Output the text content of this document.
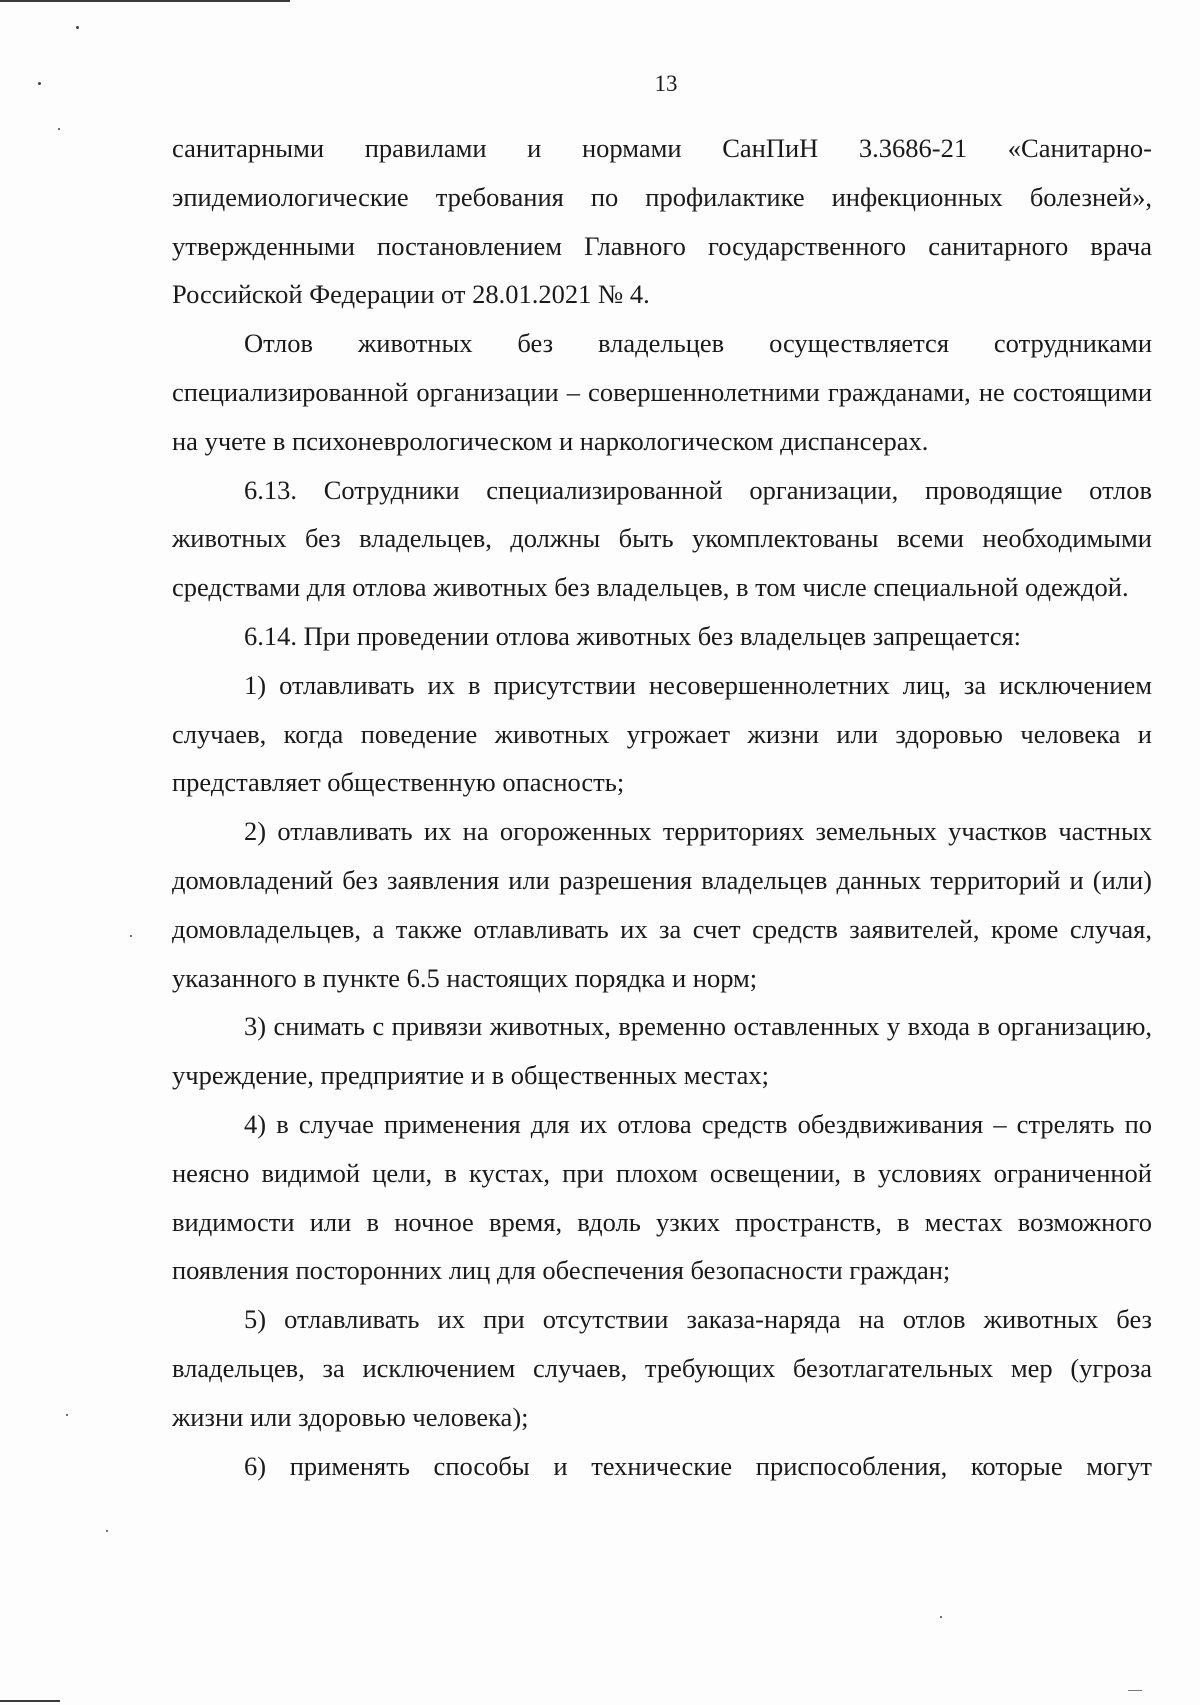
13

санитарными правилами и нормами СанПиН 3.3686-21 «Санитарно-эпидемиологические требования по профилактике инфекционных болезней», утвержденными постановлением Главного государственного санитарного врача Российской Федерации от 28.01.2021 № 4.

Отлов животных без владельцев осуществляется сотрудниками специализированной организации – совершеннолетними гражданами, не состоящими на учете в психоневрологическом и наркологическом диспансерах.

6.13. Сотрудники специализированной организации, проводящие отлов животных без владельцев, должны быть укомплектованы всеми необходимыми средствами для отлова животных без владельцев, в том числе специальной одеждой.

6.14. При проведении отлова животных без владельцев запрещается:

1) отлавливать их в присутствии несовершеннолетних лиц, за исключением случаев, когда поведение животных угрожает жизни или здоровью человека и представляет общественную опасность;

2) отлавливать их на огороженных территориях земельных участков частных домовладений без заявления или разрешения владельцев данных территорий и (или) домовладельцев, а также отлавливать их за счет средств заявителей, кроме случая, указанного в пункте 6.5 настоящих порядка и норм;

3) снимать с привязи животных, временно оставленных у входа в организацию, учреждение, предприятие и в общественных местах;

4) в случае применения для их отлова средств обездвиживания – стрелять по неясно видимой цели, в кустах, при плохом освещении, в условиях ограниченной видимости или в ночное время, вдоль узких пространств, в местах возможного появления посторонних лиц для обеспечения безопасности граждан;

5) отлавливать их при отсутствии заказа-наряда на отлов животных без владельцев, за исключением случаев, требующих безотлагательных мер (угроза жизни или здоровью человека);

6) применять способы и технические приспособления, которые могут
